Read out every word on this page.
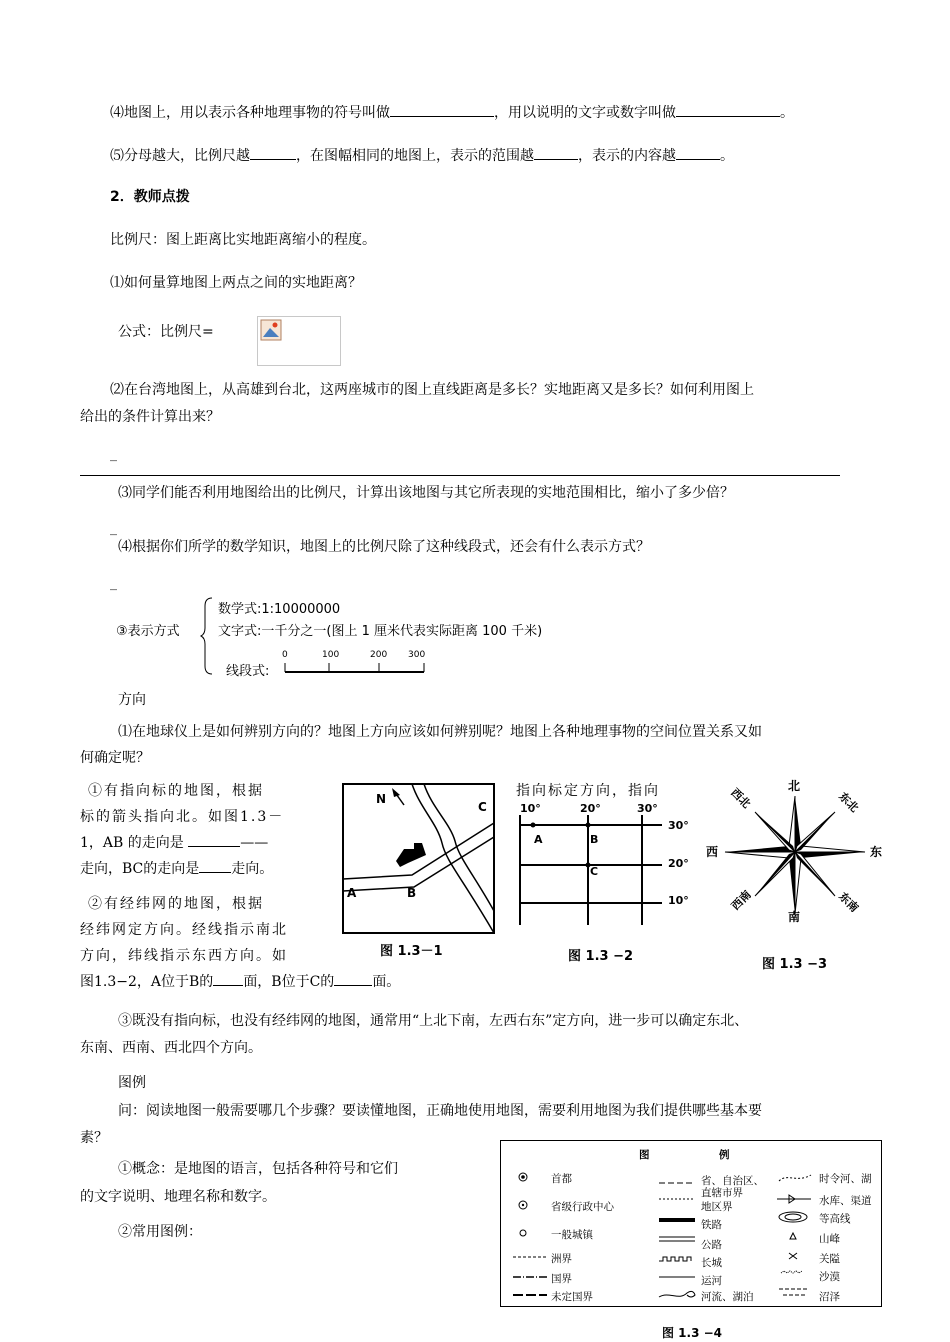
⑷地图上，用以表示各种地理事物的符号叫做	，用以说明的文字或数字叫做	。
⑸分母越大，比例尺越	，在图幅相同的地图上，表示的范围越	，表示的内容越	。
2．教师点拨
比例尺：图上距离比实地距离缩小的程度。
⑴如何量算地图上两点之间的实地距离？
公式：比例尺=
⑵在台湾地图上，从高雄到台北，这两座城市的图上直线距离是多长？实地距离又是多长？如何利用图上
给出的条件计算出来？
_
⑶同学们能否利用地图给出的比例尺，计算出该地图与其它所表现的实地范围相比，缩小了多少倍？
_
⑷根据你们所学的数学知识，地图上的比例尺除了这种线段式，还会有什么表示方式？
_
③表示方式
数学式:1:10000000
文字式:一千分之一(图上 1 厘米代表实际距离 100 千米)
线段式:
0	100	200 300
方向
⑴在地球仪上是如何辨别方向的？地图上方向应该如何辨别呢？地图上各种地理事物的空间位置关系又如
何确定呢？
①有指向标的地图，根据
标的箭头指向北。如图1.3－
1，AB 的走向是	——
走向，BC的走向是 走向。
指向标定方向，指向
②有经纬网的地图，根据
经纬网定方向。经线指示南北
方向，纬线指示东西方向。如
图1.3−2，A位于B的 面，B位于C的	面。
N
A	B
C
图 1.3－1
10°	20°	30°
30°
20°
10°
A	B
C
图 1.3 −2
北
南
西	东
西北	东北
西南	东南
图 1.3 −3
③既没有指向标，也没有经纬网的地图，通常用“上北下南，左西右东”定方向，进一步可以确定东北、
东南、西南、西北四个方向。
图例
问：阅读地图一般需要哪几个步骤？要读懂地图，正确地使用地图，需要利用地图为我们提供哪些基本要
素？
①概念：是地图的语言，包括各种符号和它们
的文字说明、地理名称和数字。
②常用图例：
图	例
首都
省级行政中心
一般城镇
洲界
国界
未定国界
省、自治区、
直辖市界
地区界
铁路
公路
长城
运河
河流、湖泊
时令河、湖
水库、渠道
等高线
山峰
关隘
沙漠
沼泽
图 1.3 −4
